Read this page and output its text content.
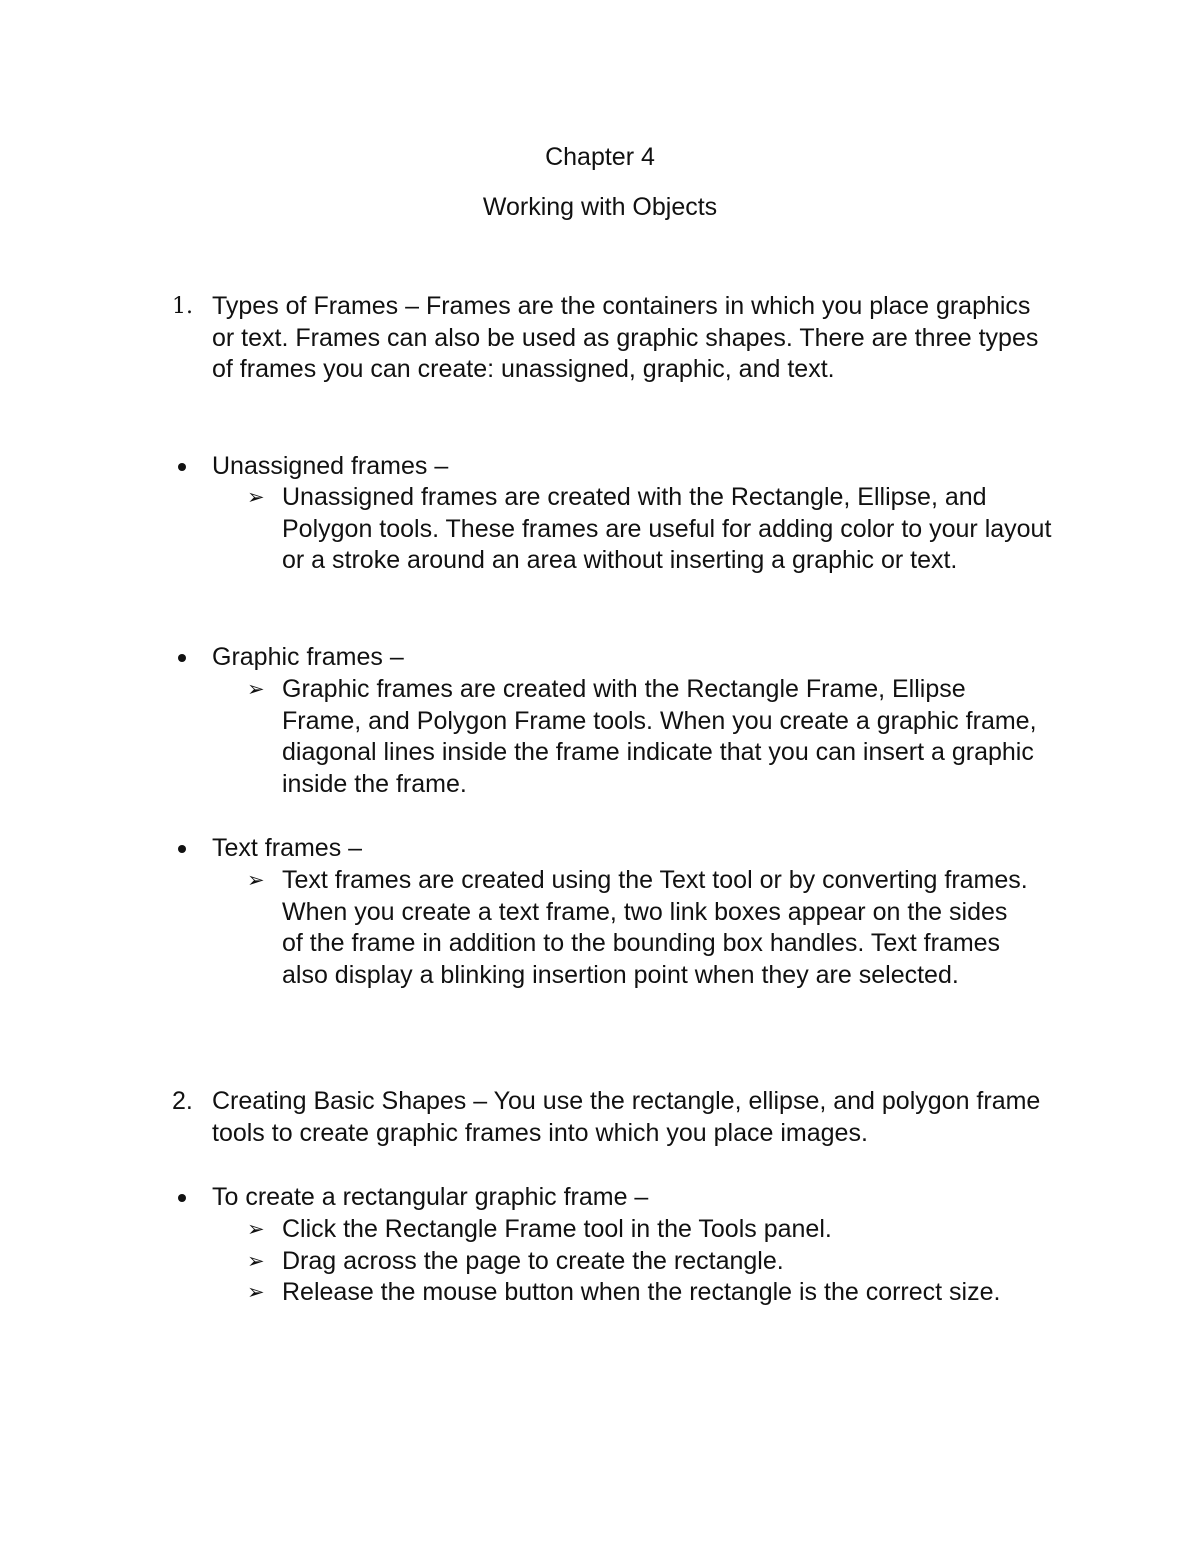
Chapter 4
Working with Objects
1. Types of Frames – Frames are the containers in which you place graphics or text. Frames can also be used as graphic shapes. There are three types of frames you can create: unassigned, graphic, and text.
Unassigned frames –
➢ Unassigned frames are created with the Rectangle, Ellipse, and Polygon tools. These frames are useful for adding color to your layout or a stroke around an area without inserting a graphic or text.
Graphic frames –
➢ Graphic frames are created with the Rectangle Frame, Ellipse Frame, and Polygon Frame tools. When you create a graphic frame, diagonal lines inside the frame indicate that you can insert a graphic inside the frame.
Text frames –
➢ Text frames are created using the Text tool or by converting frames. When you create a text frame, two link boxes appear on the sides of the frame in addition to the bounding box handles. Text frames also display a blinking insertion point when they are selected.
2. Creating Basic Shapes – You use the rectangle, ellipse, and polygon frame tools to create graphic frames into which you place images.
To create a rectangular graphic frame –
➢ Click the Rectangle Frame tool in the Tools panel.
➢ Drag across the page to create the rectangle.
➢ Release the mouse button when the rectangle is the correct size.
